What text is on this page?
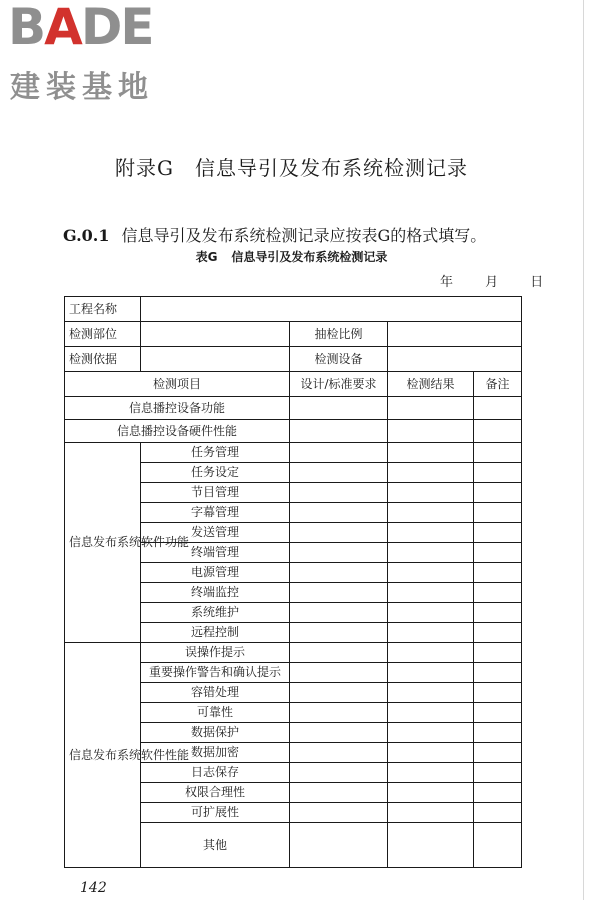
BADE
建装基地
附录G　信息导引及发布系统检测记录
G.0.1 信息导引及发布系统检测记录应按表G的格式填写。
表G 信息导引及发布系统检测记录
年 月 日
工程名称				
检测部位		抽检比例		
检测依据		检测设备		
检测项目		设计/标准要求	检测结果	备注
信息播控设备功能				
信息播控设备硬件性能				
信息发布系统软件功能	任务管理			
	任务设定			
	节目管理			
	字幕管理			
	发送管理			
	终端管理			
	电源管理			
	终端监控			
	系统维护			
	远程控制			
信息发布系统软件性能	误操作提示			
	重要操作警告和确认提示			
	容错处理			
	可靠性			
	数据保护			
	数据加密			
	日志保存			
	权限合理性			
	可扩展性			
	其他			
142
